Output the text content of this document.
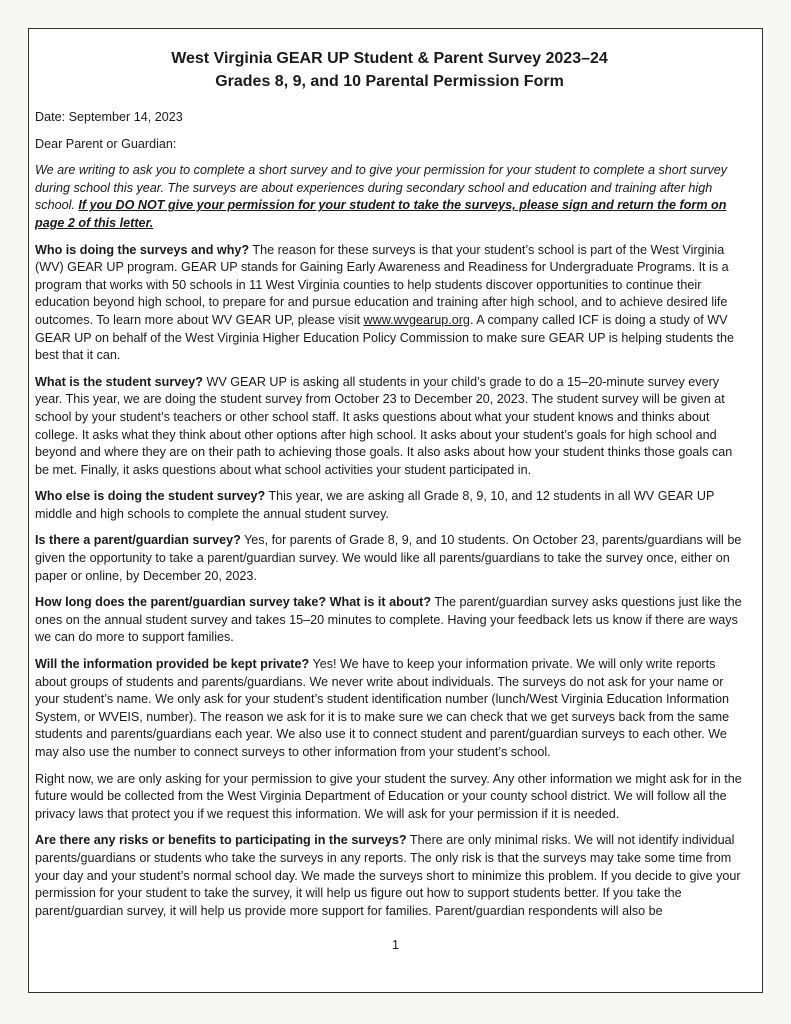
West Virginia GEAR UP Student & Parent Survey 2023–24
Grades 8, 9, and 10 Parental Permission Form

Date: September 14, 2023

Dear Parent or Guardian:

We are writing to ask you to complete a short survey and to give your permission for your student to complete a short survey during school this year. The surveys are about experiences during secondary school and education and training after high school. If you DO NOT give your permission for your student to take the surveys, please sign and return the form on page 2 of this letter.

Who is doing the surveys and why? The reason for these surveys is that your student’s school is part of the West Virginia (WV) GEAR UP program. GEAR UP stands for Gaining Early Awareness and Readiness for Undergraduate Programs. It is a program that works with 50 schools in 11 West Virginia counties to help students discover opportunities to continue their education beyond high school, to prepare for and pursue education and training after high school, and to achieve desired life outcomes. To learn more about WV GEAR UP, please visit www.wvgearup.org. A company called ICF is doing a study of WV GEAR UP on behalf of the West Virginia Higher Education Policy Commission to make sure GEAR UP is helping students the best that it can.

What is the student survey? WV GEAR UP is asking all students in your child’s grade to do a 15–20-minute survey every year. This year, we are doing the student survey from October 23 to December 20, 2023. The student survey will be given at school by your student’s teachers or other school staff. It asks questions about what your student knows and thinks about college. It asks what they think about other options after high school. It asks about your student’s goals for high school and beyond and where they are on their path to achieving those goals. It also asks about how your student thinks those goals can be met. Finally, it asks questions about what school activities your student participated in.

Who else is doing the student survey? This year, we are asking all Grade 8, 9, 10, and 12 students in all WV GEAR UP middle and high schools to complete the annual student survey.

Is there a parent/guardian survey? Yes, for parents of Grade 8, 9, and 10 students. On October 23, parents/guardians will be given the opportunity to take a parent/guardian survey. We would like all parents/guardians to take the survey once, either on paper or online, by December 20, 2023.

How long does the parent/guardian survey take? What is it about? The parent/guardian survey asks questions just like the ones on the annual student survey and takes 15–20 minutes to complete. Having your feedback lets us know if there are ways we can do more to support families.

Will the information provided be kept private? Yes! We have to keep your information private. We will only write reports about groups of students and parents/guardians. We never write about individuals. The surveys do not ask for your name or your student’s name. We only ask for your student’s student identification number (lunch/West Virginia Education Information System, or WVEIS, number). The reason we ask for it is to make sure we can check that we get surveys back from the same students and parents/guardians each year. We also use it to connect student and parent/guardian surveys to each other. We may also use the number to connect surveys to other information from your student’s school.

Right now, we are only asking for your permission to give your student the survey. Any other information we might ask for in the future would be collected from the West Virginia Department of Education or your county school district. We will follow all the privacy laws that protect you if we request this information. We will ask for your permission if it is needed.

Are there any risks or benefits to participating in the surveys? There are only minimal risks. We will not identify individual parents/guardians or students who take the surveys in any reports. The only risk is that the surveys may take some time from your day and your student’s normal school day. We made the surveys short to minimize this problem. If you decide to give your permission for your student to take the survey, it will help us figure out how to support students better. If you take the parent/guardian survey, it will help us provide more support for families. Parent/guardian respondents will also be

1
